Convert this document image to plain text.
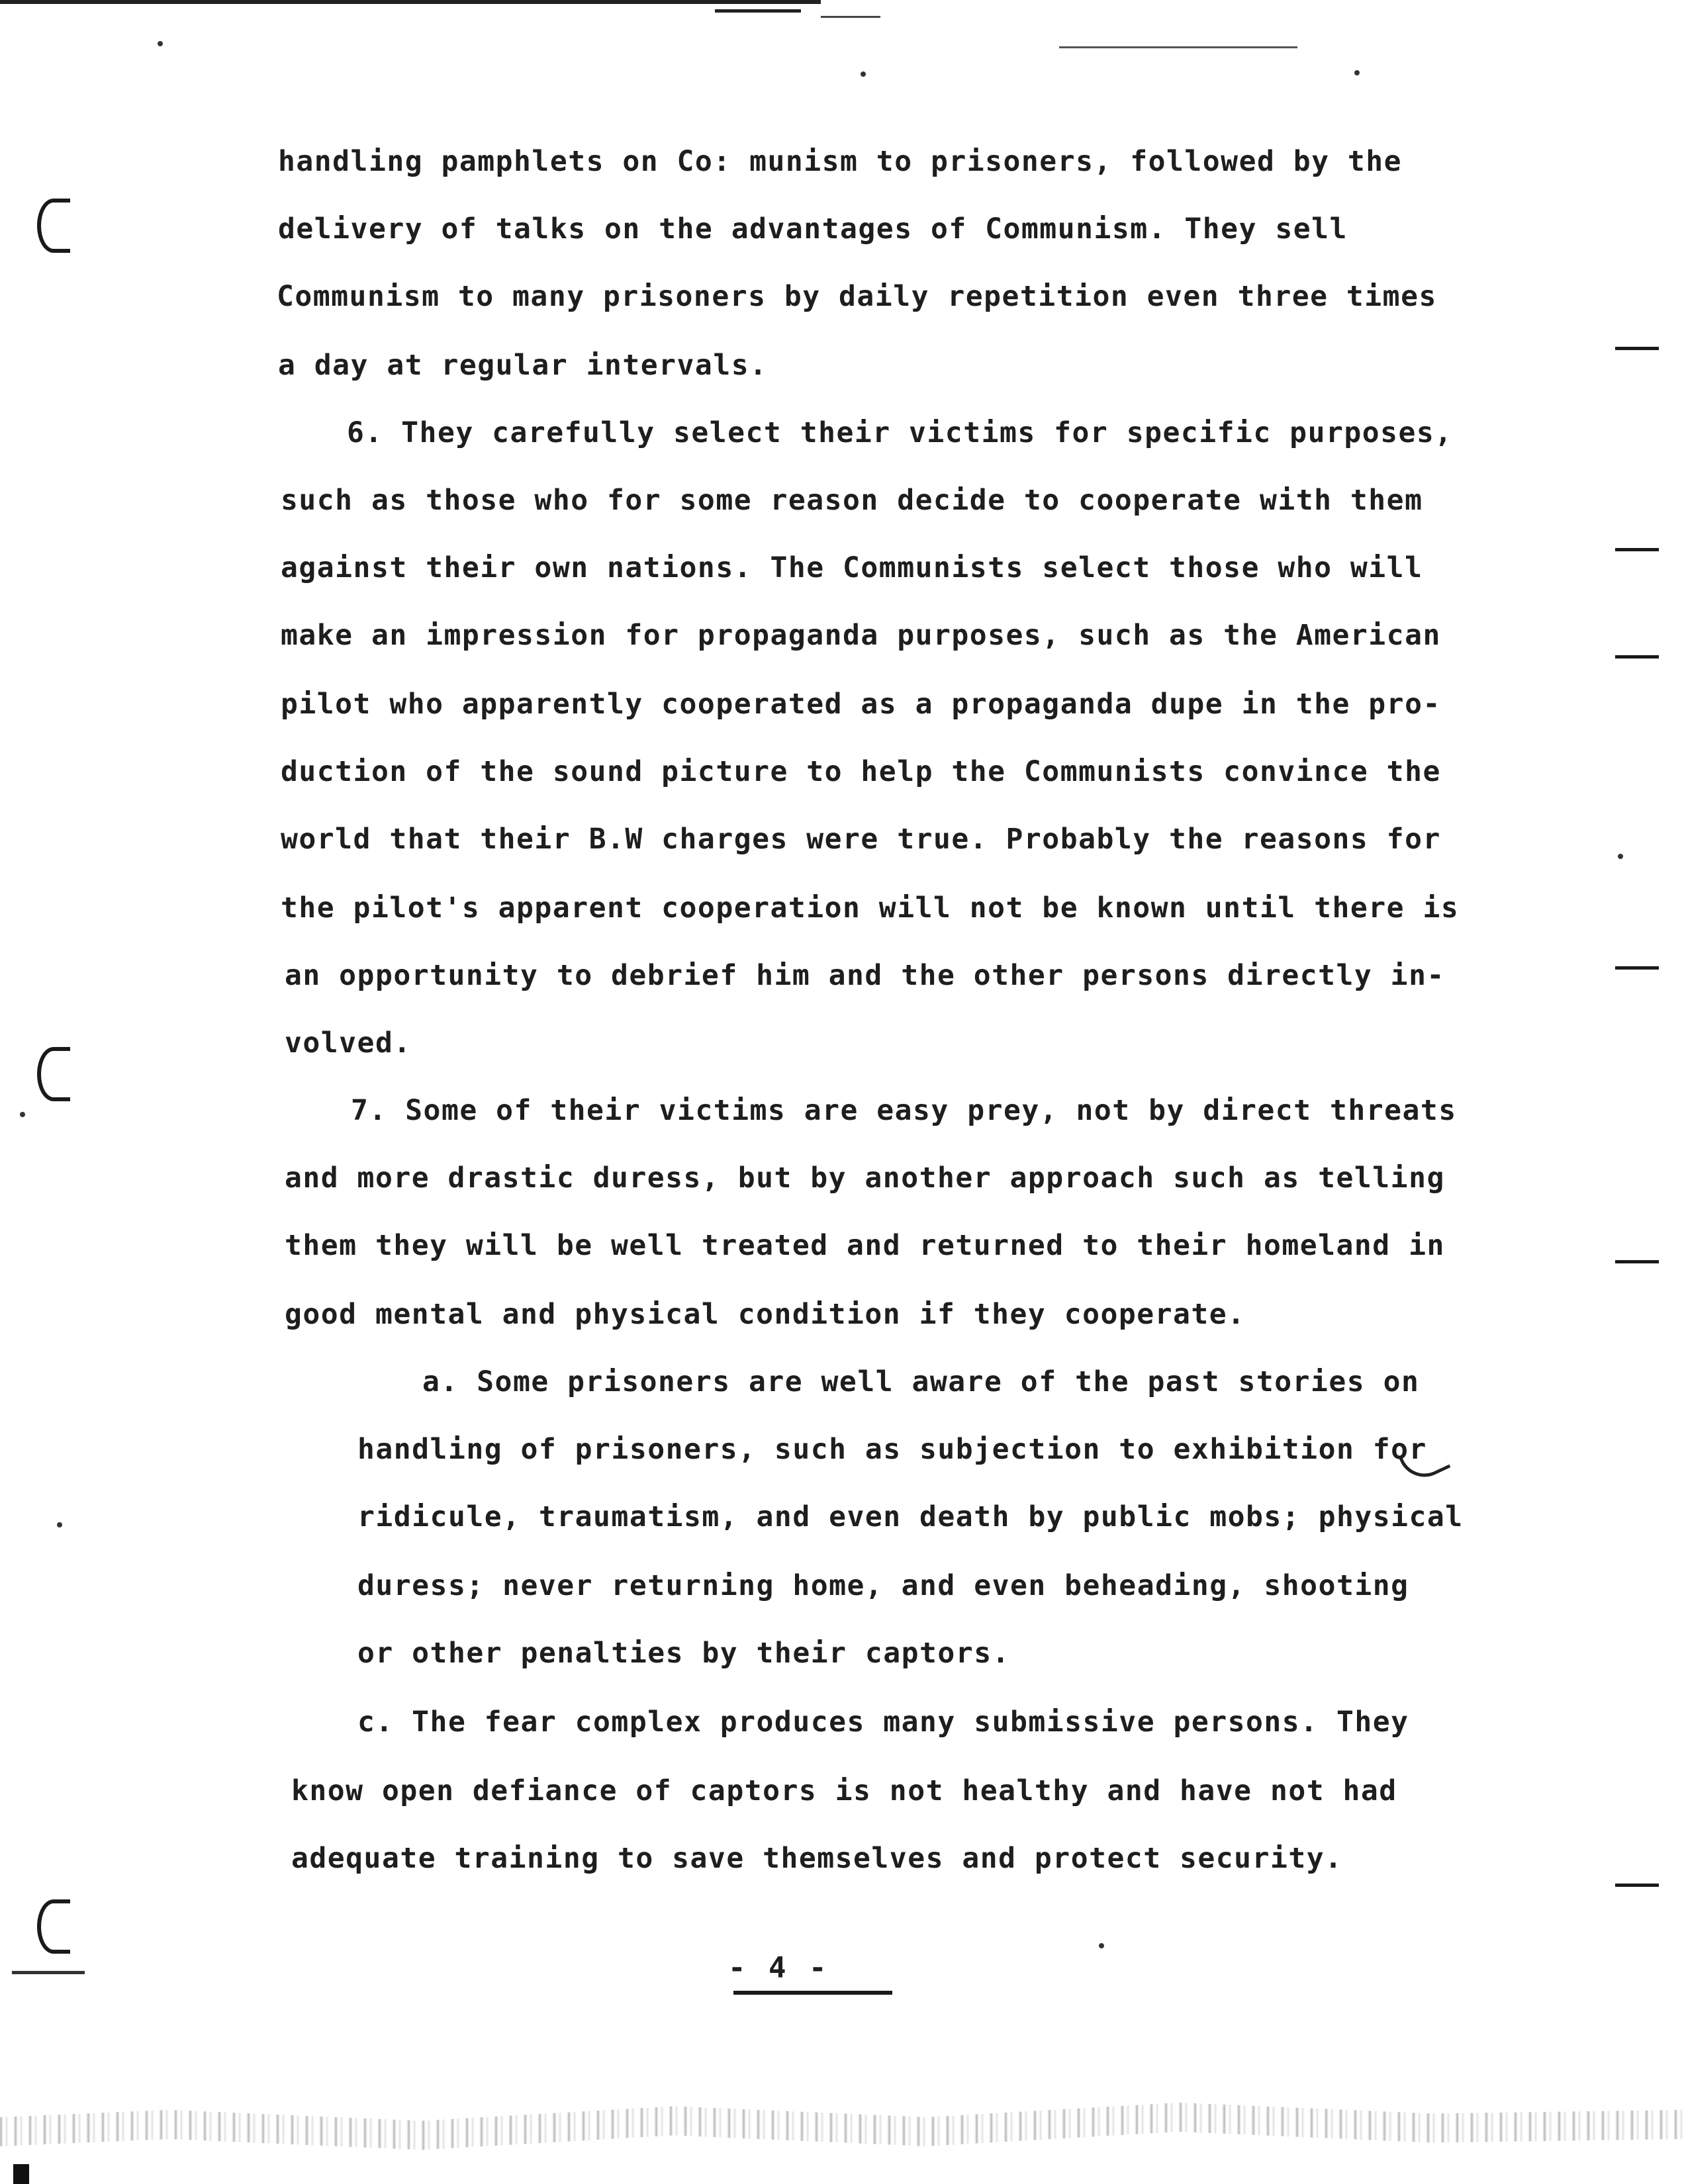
handling pamphlets on Co: munism to prisoners, followed by the
delivery of talks on the advantages of Communism. They sell
Communism to many prisoners by daily repetition even three times
a day at regular intervals.
6. They carefully select their victims for specific purposes,
such as those who for some reason decide to cooperate with them
against their own nations. The Communists select those who will
make an impression for propaganda purposes, such as the American
pilot who apparently cooperated as a propaganda dupe in the pro-
duction of the sound picture to help the Communists convince the
world that their B.W charges were true. Probably the reasons for
the pilot's apparent cooperation will not be known until there is
an opportunity to debrief him and the other persons directly in-
volved.
7. Some of their victims are easy prey, not by direct threats
and more drastic duress, but by another approach such as telling
them they will be well treated and returned to their homeland in
good mental and physical condition if they cooperate.
a. Some prisoners are well aware of the past stories on
handling of prisoners, such as subjection to exhibition for
ridicule, traumatism, and even death by public mobs; physical
duress; never returning home, and even beheading, shooting
or other penalties by their captors.
c. The fear complex produces many submissive persons. They
know open defiance of captors is not healthy and have not had
adequate training to save themselves and protect security.
- 4 -
